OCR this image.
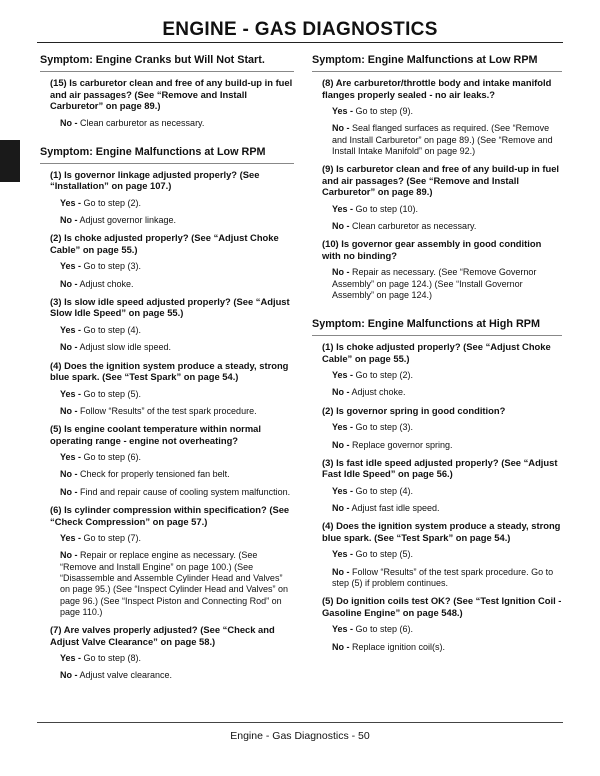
ENGINE - GAS DIAGNOSTICS
Symptom: Engine Cranks but Will Not Start.
(15) Is carburetor clean and free of any build-up in fuel and air passages? (See “Remove and Install Carburetor” on page 89.)
No - Clean carburetor as necessary.
Symptom: Engine Malfunctions at Low RPM
(1) Is governor linkage adjusted properly? (See “Installation” on page 107.)
Yes - Go to step (2).
No - Adjust governor linkage.
(2) Is choke adjusted properly? (See “Adjust Choke Cable” on page 55.)
Yes - Go to step (3).
No - Adjust choke.
(3) Is slow idle speed adjusted properly? (See “Adjust Slow Idle Speed” on page 55.)
Yes - Go to step (4).
No - Adjust slow idle speed.
(4) Does the ignition system produce a steady, strong blue spark. (See “Test Spark” on page 54.)
Yes - Go to step (5).
No - Follow “Results” of the test spark procedure.
(5) Is engine coolant temperature within normal operating range - engine not overheating?
Yes - Go to step (6).
No - Check for properly tensioned fan belt.
No - Find and repair cause of cooling system malfunction.
(6) Is cylinder compression within specification? (See “Check Compression” on page 57.)
Yes - Go to step (7).
No - Repair or replace engine as necessary. (See “Remove and Install Engine” on page 100.) (See “Disassemble and Assemble Cylinder Head and Valves” on page 95.) (See “Inspect Cylinder Head and Valves” on page 96.) (See “Inspect Piston and Connecting Rod” on page 110.)
(7) Are valves properly adjusted? (See “Check and Adjust Valve Clearance” on page 58.)
Yes - Go to step (8).
No - Adjust valve clearance.
Symptom: Engine Malfunctions at Low RPM
(8) Are carburetor/throttle body and intake manifold flanges properly sealed - no air leaks.?
Yes - Go to step (9).
No - Seal flanged surfaces as required. (See “Remove and Install Carburetor” on page 89.) (See “Remove and Install Intake Manifold” on page 92.)
(9) Is carburetor clean and free of any build-up in fuel and air passages? (See “Remove and Install Carburetor” on page 89.)
Yes - Go to step (10).
No - Clean carburetor as necessary.
(10) Is governor gear assembly in good condition with no binding?
No - Repair as necessary. (See “Remove Governor Assembly” on page 124.) (See “Install Governor Assembly” on page 124.)
Symptom: Engine Malfunctions at High RPM
(1) Is choke adjusted properly? (See “Adjust Choke Cable” on page 55.)
Yes - Go to step (2).
No - Adjust choke.
(2) Is governor spring in good condition?
Yes - Go to step (3).
No - Replace governor spring.
(3) Is fast idle speed adjusted properly? (See “Adjust Fast Idle Speed” on page 56.)
Yes - Go to step (4).
No - Adjust fast idle speed.
(4) Does the ignition system produce a steady, strong blue spark. (See “Test Spark” on page 54.)
Yes - Go to step (5).
No - Follow “Results” of the test spark procedure. Go to step (5) if problem continues.
(5) Do ignition coils test OK? (See “Test Ignition Coil - Gasoline Engine” on page 548.)
Yes - Go to step (6).
No - Replace ignition coil(s).
Engine - Gas Diagnostics - 50
